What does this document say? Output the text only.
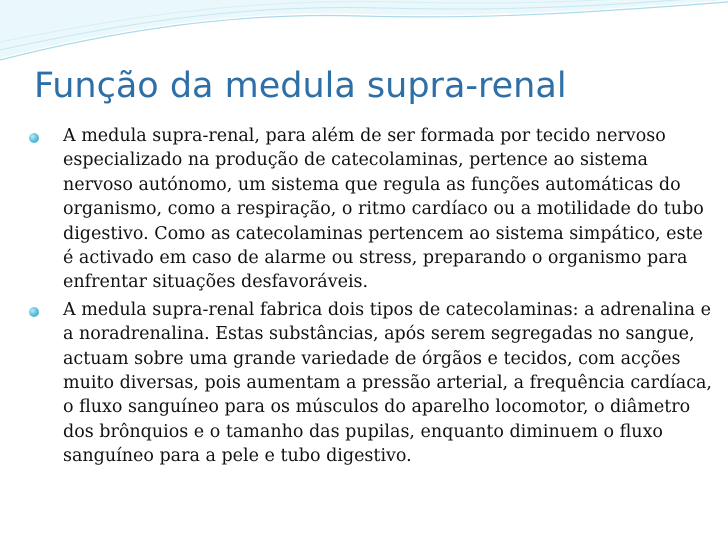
Função da medula supra-renal
A medula supra-renal, para além de ser formada por tecido nervoso especializado na produção de catecolaminas, pertence ao sistema nervoso autónomo, um sistema que regula as funções automáticas do organismo, como a respiração, o ritmo cardíaco ou a motilidade do tubo digestivo. Como as catecolaminas pertencem ao sistema simpático, este é activado em caso de alarme ou stress, preparando o organismo para enfrentar situações desfavoráveis.
A medula supra-renal fabrica dois tipos de catecolaminas: a adrenalina e a noradrenalina. Estas substâncias, após serem segregadas no sangue, actuam sobre uma grande variedade de órgãos e tecidos, com acções muito diversas, pois aumentam a pressão arterial, a frequência cardíaca, o fluxo sanguíneo para os músculos do aparelho locomotor, o diâmetro dos brônquios e o tamanho das pupilas, enquanto diminuem o fluxo sanguíneo para a pele e tubo digestivo.
